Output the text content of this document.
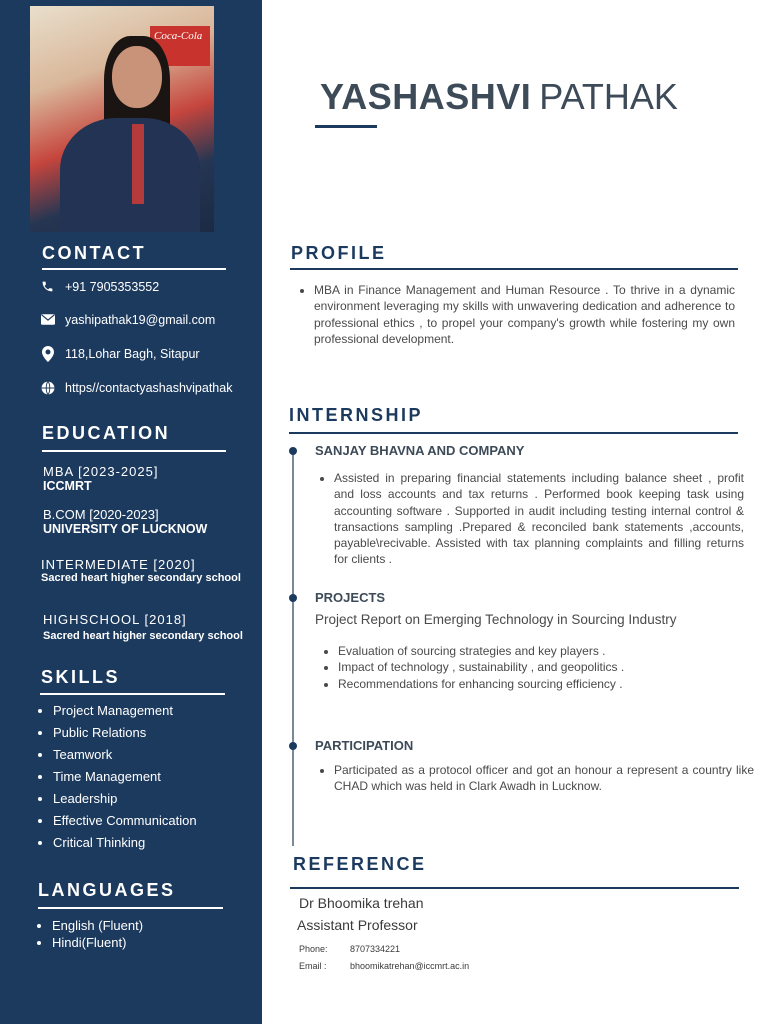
Coca-Cola
CONTACT
+91 7905353552
yashipathak19@gmail.com
118,Lohar Bagh, Sitapur
https//contactyashashvipathak
EDUCATION
MBA [2023-2025]
ICCMRT
B.COM [2020-2023]
UNIVERSITY OF LUCKNOW
INTERMEDIATE [2020]
Sacred heart higher secondary school
HIGHSCHOOL [2018]
Sacred heart higher secondary school
SKILLS
• Project Management
• Public Relations
• Teamwork
• Time Management
• Leadership
• Effective Communication
• Critical Thinking
LANGUAGES
• English (Fluent)
• Hindi(Fluent)
YASHASHVI PATHAK
PROFILE
• MBA in Finance Management and Human Resource . To thrive in a dynamic environment leveraging my skills with unwavering dedication and adherence to professional ethics , to propel your company's growth while fostering my own professional development.
INTERNSHIP
SANJAY BHAVNA AND COMPANY
• Assisted in preparing financial statements including balance sheet , profit and loss accounts and tax returns . Performed book keeping task using accounting software . Supported in audit including testing internal control & transactions sampling .Prepared & reconciled bank statements ,accounts, payable\recivable. Assisted with tax planning complaints and filling returns for clients .
PROJECTS
Project Report on Emerging Technology in Sourcing Industry
• Evaluation of sourcing strategies and key players .
• Impact of technology , sustainability , and geopolitics .
• Recommendations for enhancing sourcing efficiency .
PARTICIPATION
• Participated as a protocol officer and got an honour a represent a country like CHAD which was held in Clark Awadh in Lucknow.
REFERENCE
Dr Bhoomika trehan
Assistant Professor
Phone: 8707334221
Email :	bhoomikatrehan@iccmrt.ac.in
